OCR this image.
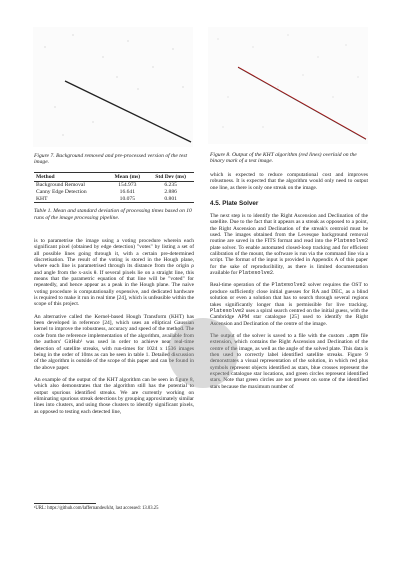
Figure 7. Background removed and pre-processed version of the test image.

Method	Mean (ms)	Std Dev (ms)
Background Removal	154.973	6.235
Canny Edge Detection	16.641	2.886
KHT	10.075	0.801

Table 1. Mean and standard deviation of processing times based on 10 runs of the image processing pipeline.

is to parametrise the image using a voting procedure wherein each significant pixel (obtained by edge detection) "votes" by listing a set of all possible lines going through it, with a certain pre-determined discretisation. The result of the voting is stored in the Hough plane, where each line is parametrised through its distance from the origin ρ and angle from the x-axis θ. If several pixels lie on a straight line, this means that the parametric equation of that line will be "voted" for repeatedly, and hence appear as a peak in the Hough plane. The naive voting procedure is computationally expensive, and dedicated hardware is required to make it run in real time [24], which is unfeasible within the scope of this project.

An alternative called the Kernel-based Hough Transform (KHT) has been developed in reference [24], which uses an elliptical Gaussian kernel to improve the robustness, accuracy and speed of the method. The code from the reference implementation of the algorithm, available from the authors' GitHub¹ was used in order to achieve near real-time detection of satellite streaks, with run-times for 1024 x 1536 images being in the order of 10ms as can be seen in table 1. Detailed discussion of the algorithm is outside of the scope of this paper and can be found in the above paper.

An example of the output of the KHT algorithm can be seen in figure 8, which also demonstrates that the algorithm still has the potential to output spurious identified streaks. We are currently working on eliminating spurious streak detections by grouping approximately similar lines into clusters, and using those clusters to identify significant pixels, as opposed to testing each detected line,

¹URL: https://github.com/laffernandes/kht, last accessed: 13.03.25

Figure 8. Output of the KHT algorithm (red lines) overlaid on the binary mark of a test image.

which is expected to reduce computational cost and improves robustness. It is expected that the algorithm would only need to output one line, as there is only one streak on the image.

4.5. Plate Solver

The next step is to identify the Right Ascension and Declination of the satellite. Due to the fact that it appears as a streak as opposed to a point, the Right Ascension and Declination of the streak's centroid must be used. The images obtained from the Levesque background removal routine are saved in the FITS format and read into the Platesolve2 plate solver. To enable automated closed-loop tracking and for efficient calibration of the mount, the software is run via the command line via a script. The format of the input is provided in Appendix A of this paper for the sake of reproducibility, as there is limited documentation available for Platesolve2.

Real-time operation of the Platesolve2 solver requires the OST to produce sufficiently close initial guesses for RA and DEC, as a blind solution or even a solution that has to search through several regions takes significantly longer than is permissible for live tracking. Platesolve2 uses a spiral search centred on the initial guess, with the Cambridge APM star catalogue [25] used to identify the Right Ascension and Declination of the centre of the image.

The output of the solver is saved to a file with the custom .apm file extension, which contains the Right Ascension and Declination of the centre of the image, as well as the angle of the solved plate. This data is then used to correctly label identified satellite streaks. Figure 9 demonstrates a visual representation of the solution, in which red plus symbols represent objects identified as stars, blue crosses represent the expected catalogue star locations, and green circles represent identified stars. Note that green circles are not present on some of the identified stars because the maximum number of
